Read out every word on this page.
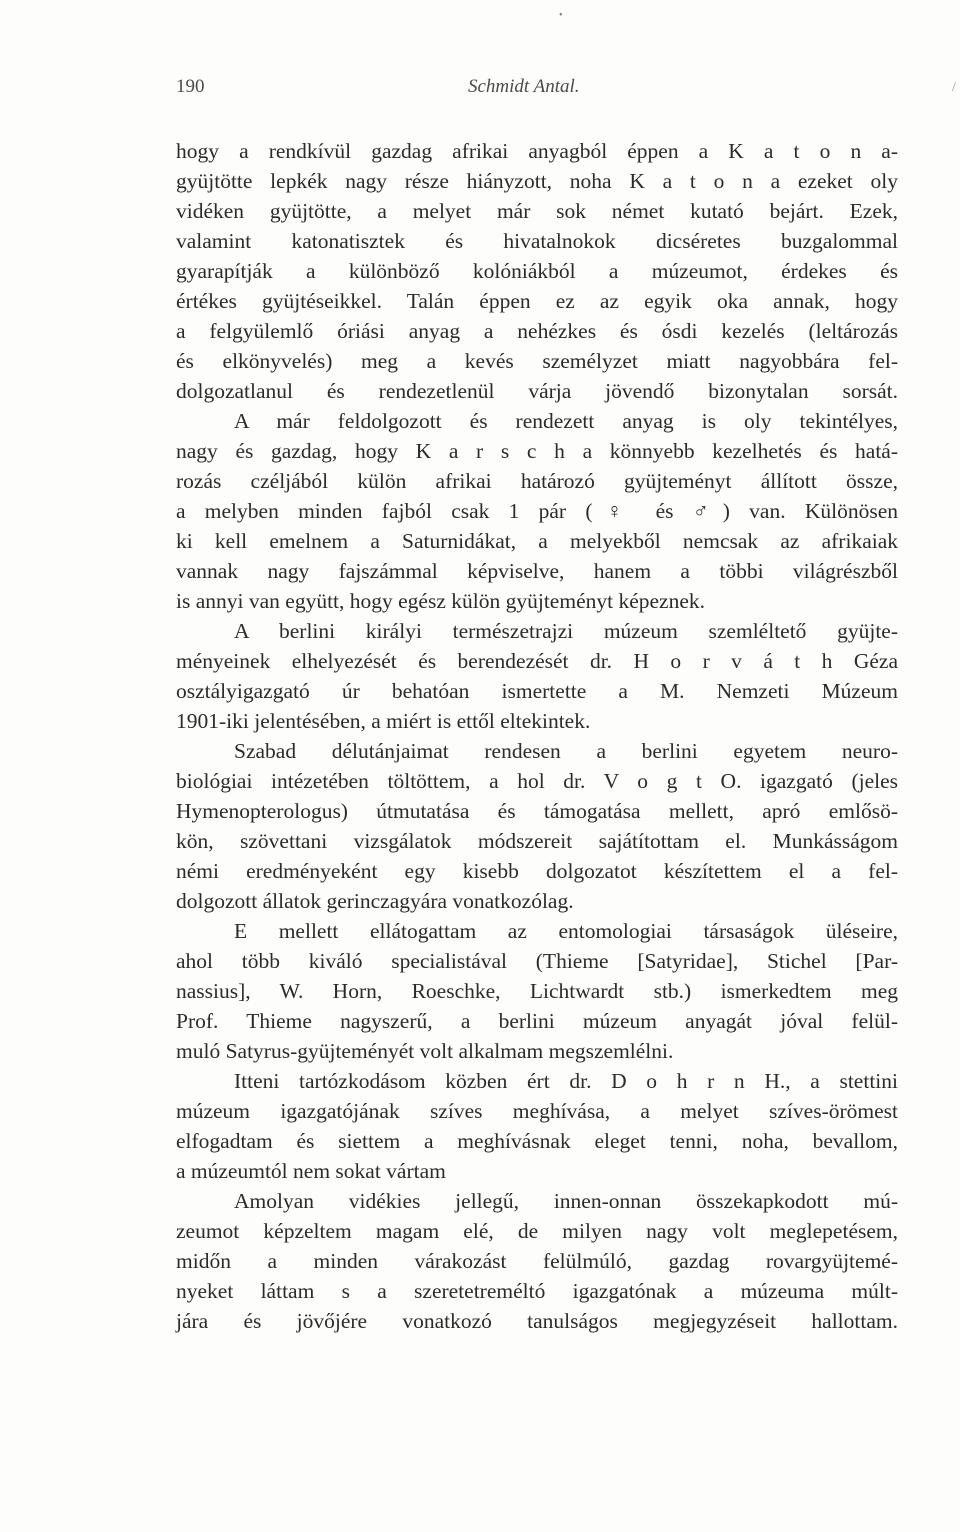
•
190	Schmidt Antal.	/
hogy a rendkívül gazdag afrikai anyagból éppen a K a t o n a-
gyüjtötte lepkék nagy része hiányzott, noha K a t o n a ezeket oly
vidéken gyüjtötte, a melyet már sok német kutató bejárt. Ezek,
valamint katonatisztek és hivatalnokok dicséretes buzgalommal
gyarapítják a különböző kolóniákból a múzeumot, érdekes és
értékes gyüjtéseikkel. Talán éppen ez az egyik oka annak, hogy
a felgyülemlő óriási anyag a nehézkes és ósdi kezelés (leltározás
és elkönyvelés) meg a kevés személyzet miatt nagyobbára fel-
dolgozatlanul és rendezetlenül várja jövendő bizonytalan sorsát.
A már feldolgozott és rendezett anyag is oly tekintélyes,
nagy és gazdag, hogy K a r s c h a könnyebb kezelhetés és hatá-
rozás czéljából külön afrikai határozó gyüjteményt állított össze,
a melyben minden fajból csak 1 pár (♀ és ♂) van. Különösen
ki kell emelnem a Saturnidákat, a melyekből nemcsak az afrikaiak
vannak nagy fajszámmal képviselve, hanem a többi világrészből
is annyi van együtt, hogy egész külön gyüjteményt képeznek.
A berlini királyi természetrajzi múzeum szemléltető gyüjte-
ményeinek elhelyezését és berendezését dr. H o r v á t h Géza
osztályigazgató úr behatóan ismertette a M. Nemzeti Múzeum
1901-iki jelentésében, a miért is ettől eltekintek.
Szabad délutánjaimat rendesen a berlini egyetem neuro-
biológiai intézetében töltöttem, a hol dr. V o g t O. igazgató (jeles
Hymenopterologus) útmutatása és támogatása mellett, apró emlősö-
kön, szövettani vizsgálatok módszereit sajátítottam el. Munkásságom
némi eredményeként egy kisebb dolgozatot készítettem el a fel-
dolgozott állatok gerinczagyára vonatkozólag.
E mellett ellátogattam az entomologiai társaságok üléseire,
ahol több kiváló specialistával (Thieme [Satyridae], Stichel [Par-
nassius], W. Horn, Roeschke, Lichtwardt stb.) ismerkedtem meg
Prof. Thieme nagyszerű, a berlini múzeum anyagát jóval felül-
muló Satyrus-gyüjteményét volt alkalmam megszemlélni.
Itteni tartózkodásom közben ért dr. D o h r n H., a stettini
múzeum igazgatójának szíves meghívása, a melyet szíves-örömest
elfogadtam és siettem a meghívásnak eleget tenni, noha, bevallom,
a múzeumtól nem sokat vártam
Amolyan vidékies jellegű, innen-onnan összekapkodott mú-
zeumot képzeltem magam elé, de milyen nagy volt meglepetésem,
midőn a minden várakozást felülmúló, gazdag rovargyüjtemé-
nyeket láttam s a szeretetreméltó igazgatónak a múzeuma múlt-
jára és jövőjére vonatkozó tanulságos megjegyzéseit hallottam.
